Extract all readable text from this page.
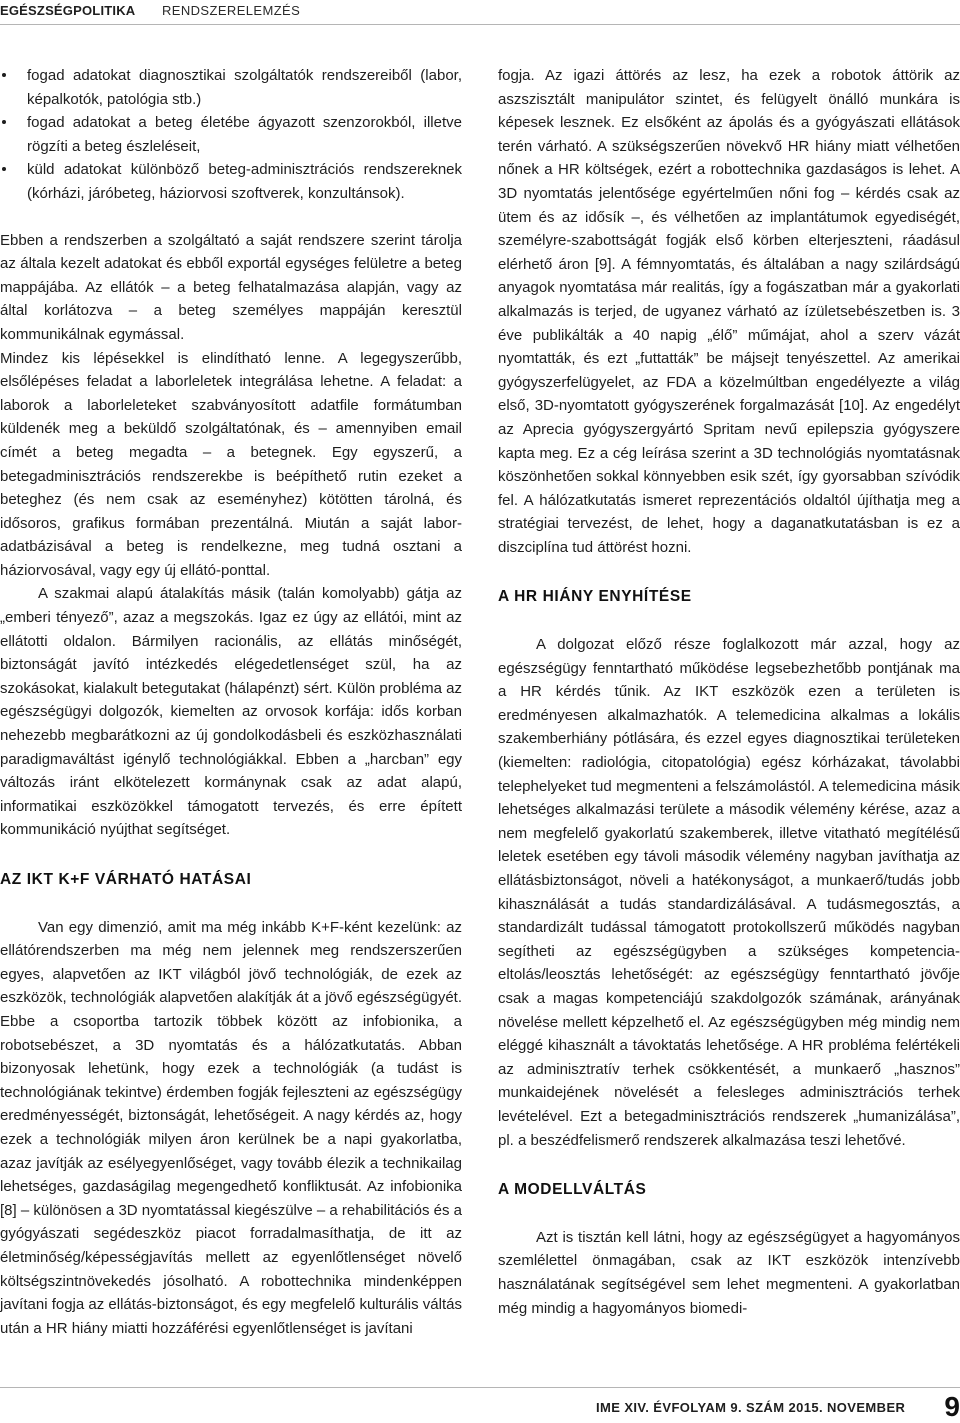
EGÉSZSÉGPOLITIKA RENDSZERELEMZÉS
fogad adatokat diagnosztikai szolgáltatók rendszereiből (labor, képalkotók, patológia stb.)
fogad adatokat a beteg életébe ágyazott szenzorokból, illetve rögzíti a beteg észleléseit,
küld adatokat különböző beteg-adminisztrációs rendszereknek (kórházi, járóbeteg, háziorvosi szoftverek, konzultánsok).

Ebben a rendszerben a szolgáltató a saját rendszere szerint tárolja az általa kezelt adatokat és ebből exportál egységes felületre a beteg mappájába. Az ellátók – a beteg felhatalmazása alapján, vagy az által korlátozva – a beteg személyes mappáján keresztül kommunikálnak egymással.

Mindez kis lépésekkel is elindítható lenne. A legegyszerűbb, elsőlépéses feladat a laborleletek integrálása lehetne. A feladat: a laborok a laborleleteket szabványosított adatfile formátumban küldenék meg a beküldő szolgáltatónak, és – amennyiben email címét a beteg megadta – a betegnek. Egy egyszerű, a betegadminisztrációs rendszerekbe is beépíthető rutin ezeket a beteghez (és nem csak az eseményhez) kötötten tárolná, és idősoros, grafikus formában prezentálná. Miután a saját labor-adatbázisával a beteg is rendelkezne, meg tudná osztani a háziorvosával, vagy egy új ellátó-ponttal.

A szakmai alapú átalakítás másik (talán komolyabb) gátja az „emberi tényező”, azaz a megszokás. Igaz ez úgy az ellátói, mint az ellátotti oldalon. Bármilyen racionális, az ellátás minőségét, biztonságát javító intézkedés elégedetlenséget szül, ha az szokásokat, kialakult betegutakat (hálapénzt) sért. Külön probléma az egészségügyi dolgozók, kiemelten az orvosok korfája: idős korban nehezebb megbarátkozni az új gondolkodásbeli és eszközhasználati paradigmaváltást igénylő technológiákkal. Ebben a „harcban” egy változás iránt elkötelezett kormánynak csak az adat alapú, informatikai eszközökkel támogatott tervezés, és erre épített kommunikáció nyújthat segítséget.

AZ IKT K+F VÁRHATÓ HATÁSAI

Van egy dimenzió, amit ma még inkább K+F-ként kezelünk: az ellátórendszerben ma még nem jelennek meg rendszerszerűen egyes, alapvetően az IKT világból jövő technológiák, de ezek az eszközök, technológiák alapvetően alakítják át a jövő egészségügyét. Ebbe a csoportba tartozik többek között az infobionika, a robotsebészet, a 3D nyomtatás és a hálózatkutatás. Abban bizonyosak lehetünk, hogy ezek a technológiák (a tudást is technológiának tekintve) érdemben fogják fejleszteni az egészségügy eredményességét, biztonságát, lehetőségeit. A nagy kérdés az, hogy ezek a technológiák milyen áron kerülnek be a napi gyakorlatba, azaz javítják az esélyegyenlőséget, vagy tovább élezik a technikailag lehetséges, gazdaságilag megengedhető konfliktusát. Az infobionika [8] – különösen a 3D nyomtatással kiegészülve – a rehabilitációs és a gyógyászati segédeszköz piacot forradalmasíthatja, de itt az életminőség/képességjavítás mellett az egyenlőtlenséget növelő költségszintnövekedés jósolható. A robottechnika mindenképpen javítani fogja az ellátás-biztonságot, és egy megfelelő kulturális váltás után a HR hiány miatti hozzáférési egyenlőtlenséget is javítani

fogja. Az igazi áttörés az lesz, ha ezek a robotok áttörik az aszszisztált manipulátor szintet, és felügyelt önálló munkára is képesek lesznek. Ez elsőként az ápolás és a gyógyászati ellátások terén várható. A szükségszerűen növekvő HR hiány miatt vélhetően nőnek a HR költségek, ezért a robottechnika gazdaságos is lehet. A 3D nyomtatás jelentősége egyértelműen nőni fog – kérdés csak az ütem és az idősík –, és vélhetően az implantátumok egyediségét, személyre-szabottságát fogják első körben elterjeszteni, ráadásul elérhető áron [9]. A fémnyomtatás, és általában a nagy szilárdságú anyagok nyomtatása már realitás, így a fogászatban már a gyakorlati alkalmazás is terjed, de ugyanez várható az ízületsebészetben is. 3 éve publikálták a 40 napig „élő” műmájat, ahol a szerv vázát nyomtatták, és ezt „futtatták” be májsejt tenyészettel. Az amerikai gyógyszerfelügyelet, az FDA a közelmúltban engedélyezte a világ első, 3D-nyomtatott gyógyszerének forgalmazását [10]. Az engedélyt az Aprecia gyógyszergyártó Spritam nevű epilepszia gyógyszere kapta meg. Ez a cég leírása szerint a 3D technológiás nyomtatásnak köszönhetően sokkal könnyebben esik szét, így gyorsabban szívódik fel. A hálózatkutatás ismeret reprezentációs oldaltól újíthatja meg a stratégiai tervezést, de lehet, hogy a daganatkutatásban is ez a diszciplína tud áttörést hozni.

A HR HIÁNY ENYHÍTÉSE

A dolgozat előző része foglalkozott már azzal, hogy az egészségügy fenntartható működése legsebezhetőbb pontjának ma a HR kérdés tűnik. Az IKT eszközök ezen a területen is eredményesen alkalmazhatók. A telemedicina alkalmas a lokális szakemberhiány pótlására, és ezzel egyes diagnosztikai területeken (kiemelten: radiológia, citopatológia) egész kórházakat, távolabbi telephelyeket tud megmenteni a felszámolástól. A telemedicina másik lehetséges alkalmazási területe a második vélemény kérése, azaz a nem megfelelő gyakorlatú szakemberek, illetve vitatható megítélésű leletek esetében egy távoli második vélemény nagyban javíthatja az ellátásbiztonságot, növeli a hatékonyságot, a munkaerő/tudás jobb kihasználását a tudás standardizálásával. A tudásmegosztás, a standardizált tudással támogatott protokollszerű működés nagyban segítheti az egészségügyben a szükséges kompetencia-eltolás/leosztás lehetőségét: az egészségügy fenntartható jövője csak a magas kompetenciájú szakdolgozók számának, arányának növelése mellett képzelhető el. Az egészségügyben még mindig nem eléggé kihasznált a távoktatás lehetősége. A HR probléma felértékeli az adminisztratív terhek csökkentését, a munkaerő „hasznos” munkaidejének növelését a felesleges adminisztrációs terhek levételével. Ezt a betegadminisztrációs rendszerek „humanizálása”, pl. a beszédfelismerő rendszerek alkalmazása teszi lehetővé.

A MODELLVÁLTÁS

Azt is tisztán kell látni, hogy az egészségügyet a hagyományos szemlélettel önmagában, csak az IKT eszközök intenzívebb használatának segítségével sem lehet megmenteni. A gyakorlatban még mindig a hagyományos biomedi-

IME XIV. ÉVFOLYAM 9. SZÁM 2015. NOVEMBER	9
